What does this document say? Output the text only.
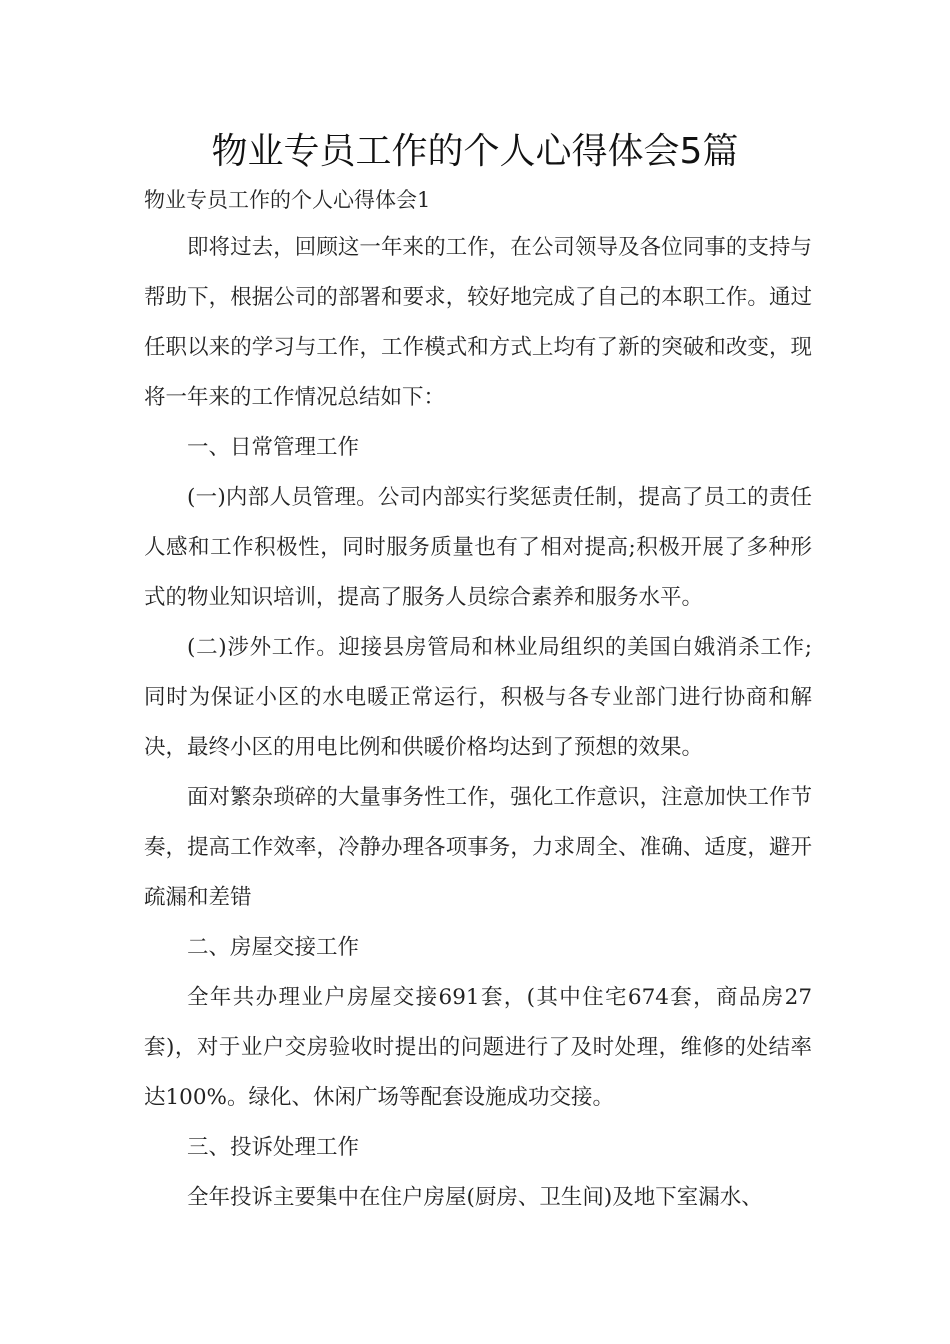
物业专员工作的个人心得体会5篇
物业专员工作的个人心得体会1

即将过去，回顾这一年来的工作，在公司领导及各位同事的支持与帮助下，根据公司的部署和要求，较好地完成了自己的本职工作。通过任职以来的学习与工作，工作模式和方式上均有了新的突破和改变，现将一年来的工作情况总结如下：

一、日常管理工作

(一)内部人员管理。公司内部实行奖惩责任制，提高了员工的责任人感和工作积极性，同时服务质量也有了相对提高;积极开展了多种形式的物业知识培训，提高了服务人员综合素养和服务水平。

(二)涉外工作。迎接县房管局和林业局组织的美国白娥消杀工作;同时为保证小区的水电暖正常运行，积极与各专业部门进行协商和解决，最终小区的用电比例和供暖价格均达到了预想的效果。

面对繁杂琐碎的大量事务性工作，强化工作意识，注意加快工作节奏，提高工作效率，冷静办理各项事务，力求周全、准确、适度，避开疏漏和差错

二、房屋交接工作

全年共办理业户房屋交接691套，(其中住宅674套，商品房27套)，对于业户交房验收时提出的问题进行了及时处理，维修的处结率达100%。绿化、休闲广场等配套设施成功交接。

三、投诉处理工作

全年投诉主要集中在住户房屋(厨房、卫生间)及地下室漏水、
